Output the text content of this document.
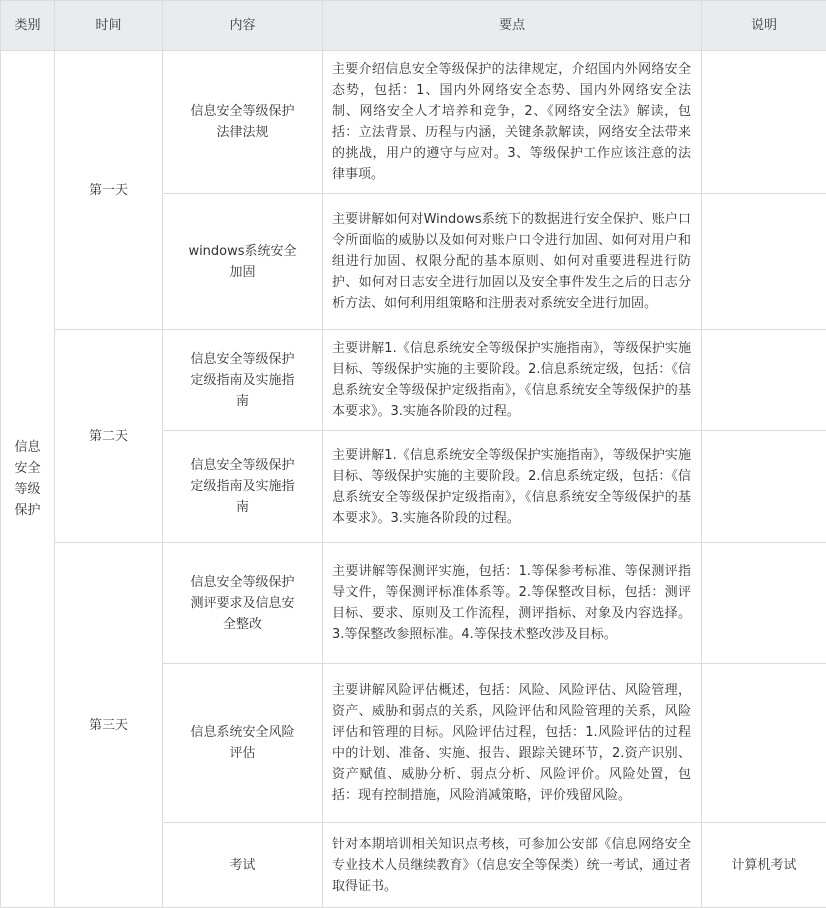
类别	时间	内容	要点	说明
信息安全等级保护	第一天	信息安全等级保护法律法规	主要介绍信息安全等级保护的法律规定，介绍国内外网络安全态势，包括：1、国内外网络安全态势、国内外网络安全法制、网络安全人才培养和竞争，2、《网络安全法》解读，包括：立法背景、历程与内涵，关键条款解读，网络安全法带来的挑战，用户的遵守与应对。3、等级保护工作应该注意的法律事项。	
		windows系统安全加固	主要讲解如何对Windows系统下的数据进行安全保护、账户口令所面临的威胁以及如何对账户口令进行加固、如何对用户和组进行加固、权限分配的基本原则、如何对重要进程进行防护、如何对日志安全进行加固以及安全事件发生之后的日志分析方法、如何利用组策略和注册表对系统安全进行加固。	
	第二天	信息安全等级保护定级指南及实施指南	主要讲解1.《信息系统安全等级保护实施指南》，等级保护实施目标、等级保护实施的主要阶段。2.信息系统定级，包括：《信息系统安全等级保护定级指南》，《信息系统安全等级保护的基本要求》。3.实施各阶段的过程。	
		信息安全等级保护定级指南及实施指南	主要讲解1.《信息系统安全等级保护实施指南》，等级保护实施目标、等级保护实施的主要阶段。2.信息系统定级，包括：《信息系统安全等级保护定级指南》，《信息系统安全等级保护的基本要求》。3.实施各阶段的过程。	
	第三天	信息安全等级保护测评要求及信息安全整改	主要讲解等保测评实施，包括：1.等保参考标准、等保测评指导文件，等保测评标准体系等。2.等保整改目标，包括：测评目标、要求、原则及工作流程，测评指标、对象及内容选择。3.等保整改参照标准。4.等保技术整改涉及目标。	
		信息系统安全风险评估	主要讲解风险评估概述，包括：风险、风险评估、风险管理，资产、威胁和弱点的关系，风险评估和风险管理的关系，风险评估和管理的目标。风险评估过程，包括：1.风险评估的过程中的计划、准备、实施、报告、跟踪关键环节，2.资产识别、资产赋值、威胁分析、弱点分析、风险评价。风险处置，包括：现有控制措施，风险消减策略，评价残留风险。	
		考试	针对本期培训相关知识点考核，可参加公安部《信息网络安全专业技术人员继续教育》（信息安全等保类）统一考试，通过者取得证书。	计算机考试
